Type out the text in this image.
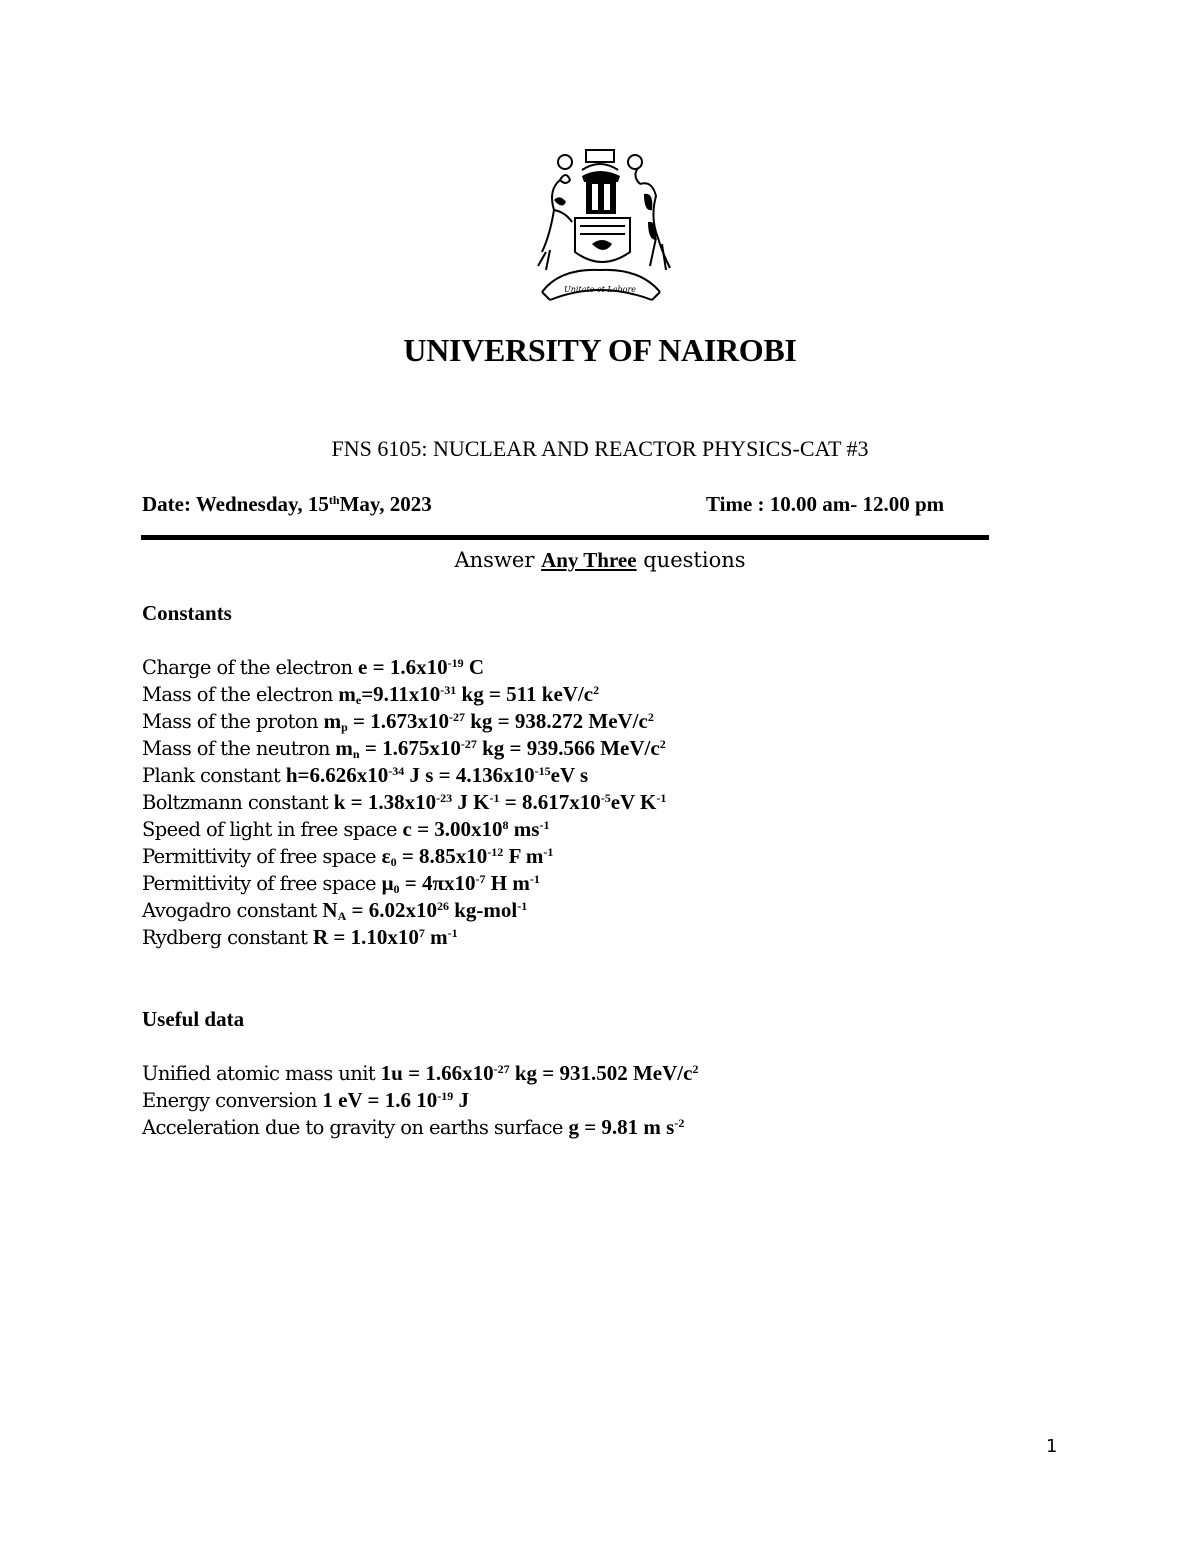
Unitate et Labore
UNIVERSITY OF NAIROBI
FNS 6105: NUCLEAR AND REACTOR PHYSICS-CAT #3
Date: Wednesday, 15thMay, 2023	Time : 10.00 am- 12.00 pm
Answer Any Three questions
Constants
Charge of the electron $e = 1.6x10^{-19}$ C
Mass of the electron $m_e=9.11x10^{-31}$ kg = 511 keV/$c^2$
Mass of the proton $m_p = 1.673x10^{-27}$ kg = 938.272 MeV/$c^2$
Mass of the neutron $m_n = 1.675x10^{-27}$ kg = 939.566 MeV/$c^2$
Plank constant $h=6.626x10^{-34}$ J $s = 4.136x10^{-15}eV$ s
Boltzmann constant $k = 1.38x10^{-23}$ J $K^{-1} = 8.617x10^{-5}eV$ $K^{-1}$
Speed of light in free space $c = 3.00x10^8$ $ms^{-1}$
Permittivity of free space $\varepsilon_0 = 8.85x10^{-12}$ F $m^{-1}$
Permittivity of free space $\mu_0 = 4\pi x10^{-7}$ H $m^{-1}$
Avogadro constant $N_A = 6.02x10^{26}$ kg-mol$^{-1}$
Rydberg constant $R = 1.10x10^7$ $m^{-1}$
Useful data
Unified atomic mass unit $1u = 1.66x10^{-27}$ kg = 931.502 MeV/$c^2$
Energy conversion 1 eV = 1.6 $10^{-19}$ J
Acceleration due to gravity on earths surface g = 9.81 m $s^{-2}$
1
